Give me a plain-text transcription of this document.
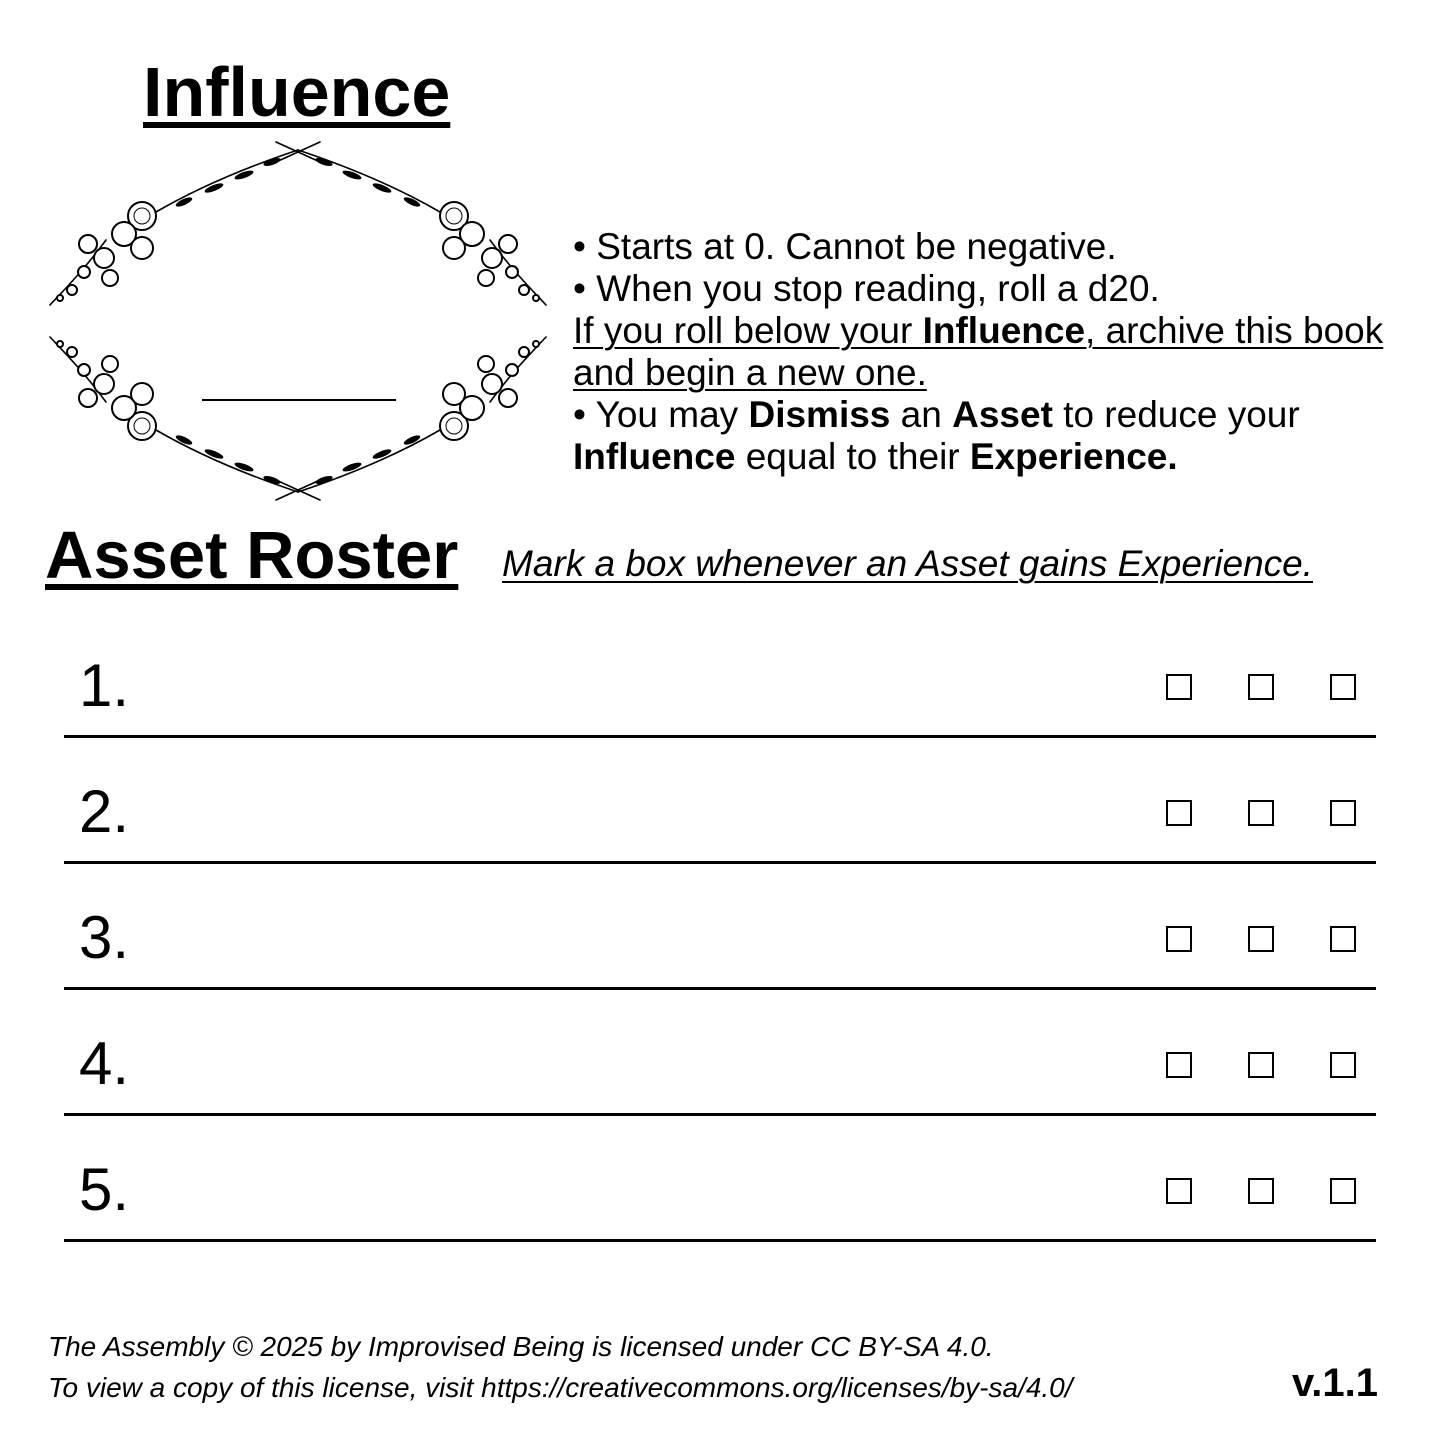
Influence

• Starts at 0. Cannot be negative.

• When you stop reading, roll a d20.

If you roll below your Influence, archive this book and begin a new one.

• You may Dismiss an Asset to reduce your Influence equal to their Experience.

Asset Roster Mark a box whenever an Asset gains Experience.
1.
2.
3.
4.
5.

The Assembly © 2025 by Improvised Being is licensed under CC BY-SA 4.0.

To view a copy of this license, visit https://creativecommons.org/licenses/by-sa/4.0/	v.1.1
